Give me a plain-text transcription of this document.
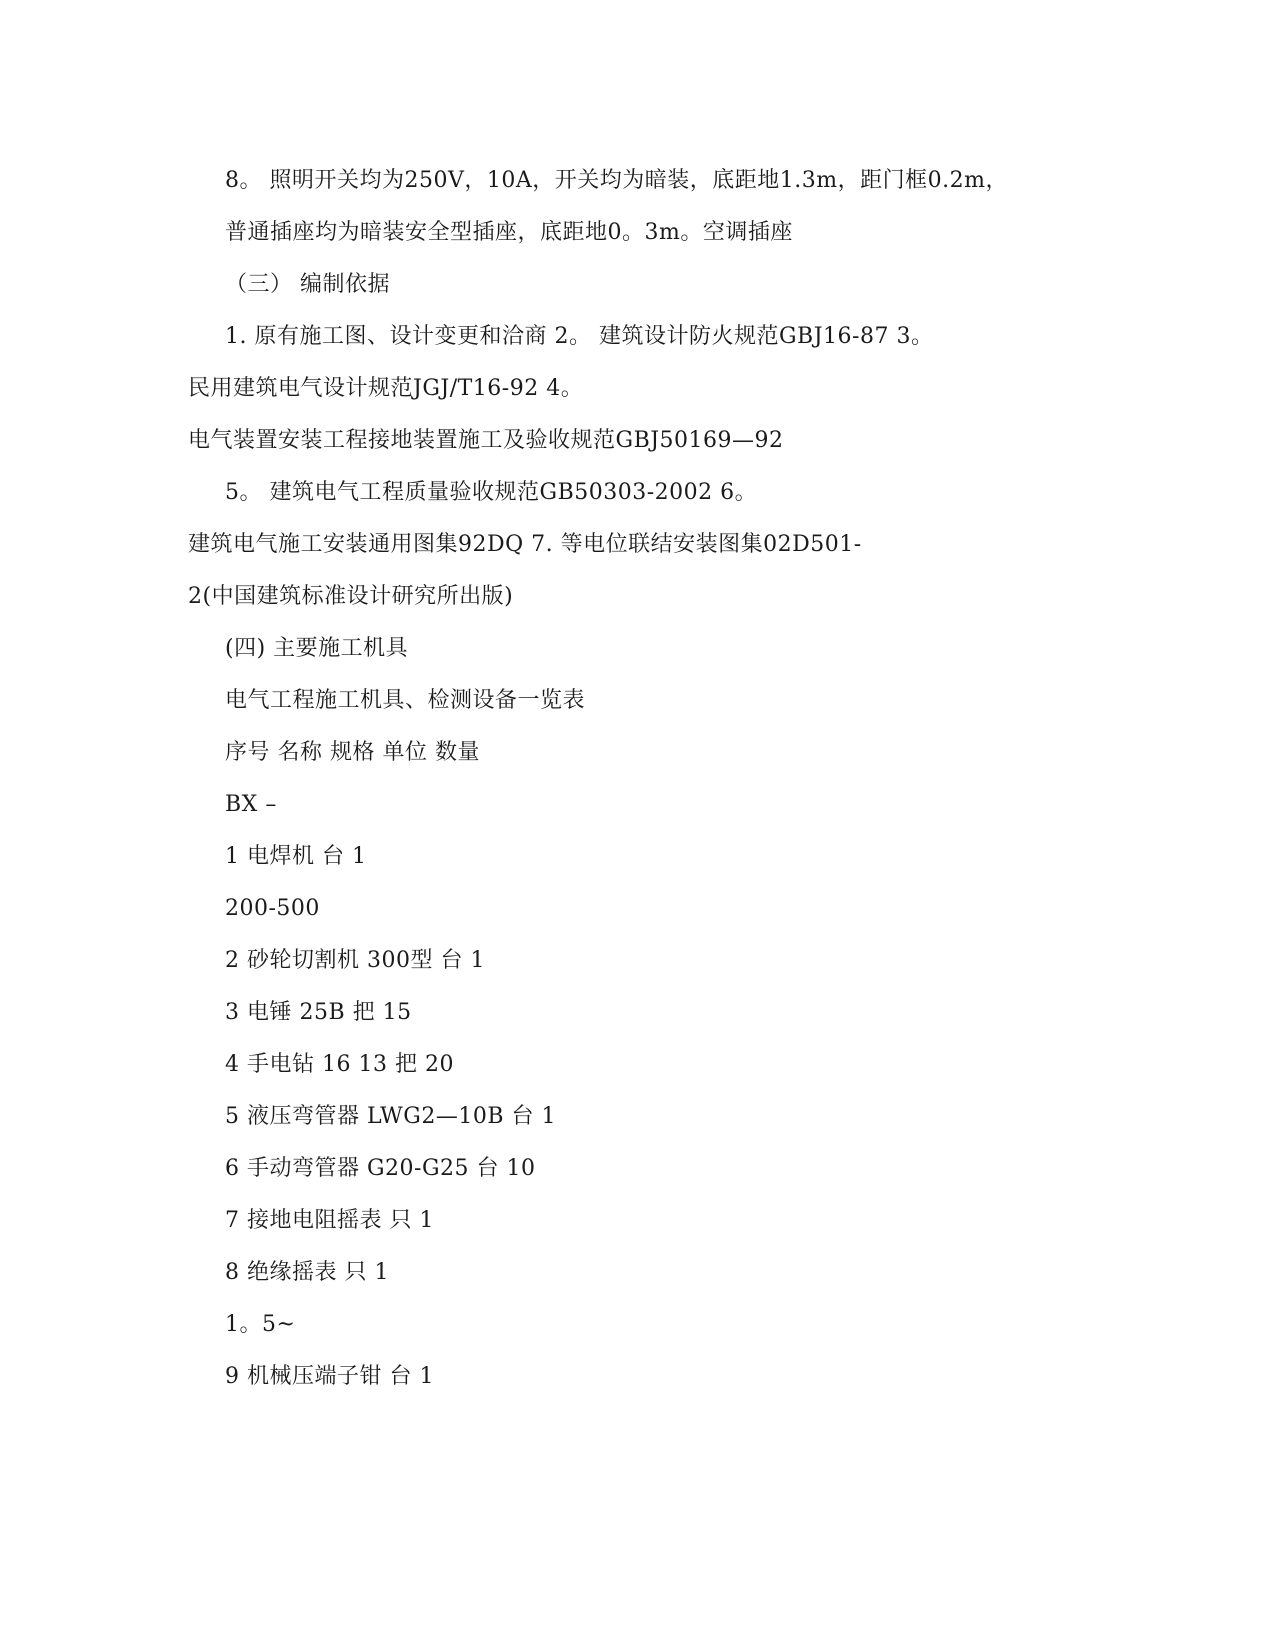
8。 照明开关均为250V，10A，开关均为暗装，底距地1.3m，距门框0.2m，
普通插座均为暗装安全型插座，底距地0。3m。空调插座
（三） 编制依据
1. 原有施工图、设计变更和洽商 2。 建筑设计防火规范GBJ16-87 3。
民用建筑电气设计规范JGJ/T16-92 4。
电气装置安装工程接地装置施工及验收规范GBJ50169—92
5。 建筑电气工程质量验收规范GB50303-2002 6。
建筑电气施工安装通用图集92DQ 7. 等电位联结安装图集02D501-
2(中国建筑标准设计研究所出版)
(四) 主要施工机具
电气工程施工机具、检测设备一览表
序号 名称 规格 单位 数量
BX –
1 电焊机 台 1
200-500
2 砂轮切割机 300型 台 1
3 电锤 25B 把 15
4 手电钻 16 13 把 20
5 液压弯管器 LWG2—10B 台 1
6 手动弯管器 G20-G25 台 10
7 接地电阻摇表 只 1
8 绝缘摇表 只 1
1。5~
9 机械压端子钳 台 1
